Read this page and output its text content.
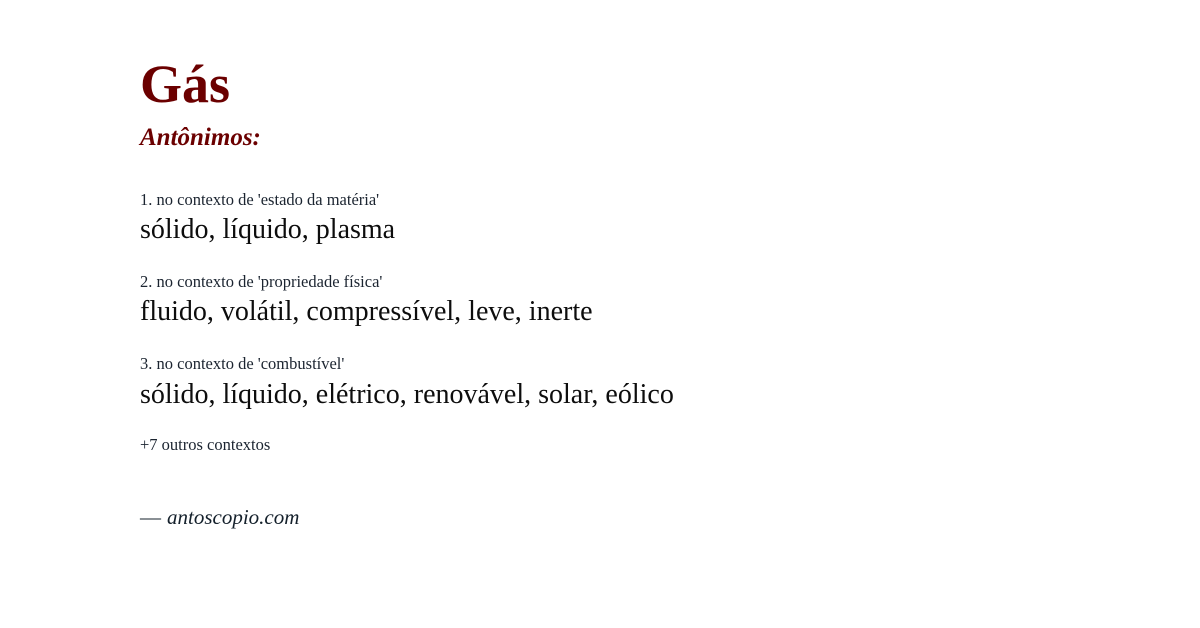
Gás
Antônimos:
1. no contexto de 'estado da matéria'
sólido, líquido, plasma
2. no contexto de 'propriedade física'
fluido, volátil, compressível, leve, inerte
3. no contexto de 'combustível'
sólido, líquido, elétrico, renovável, solar, eólico
+7 outros contextos
— antoscopio.com
